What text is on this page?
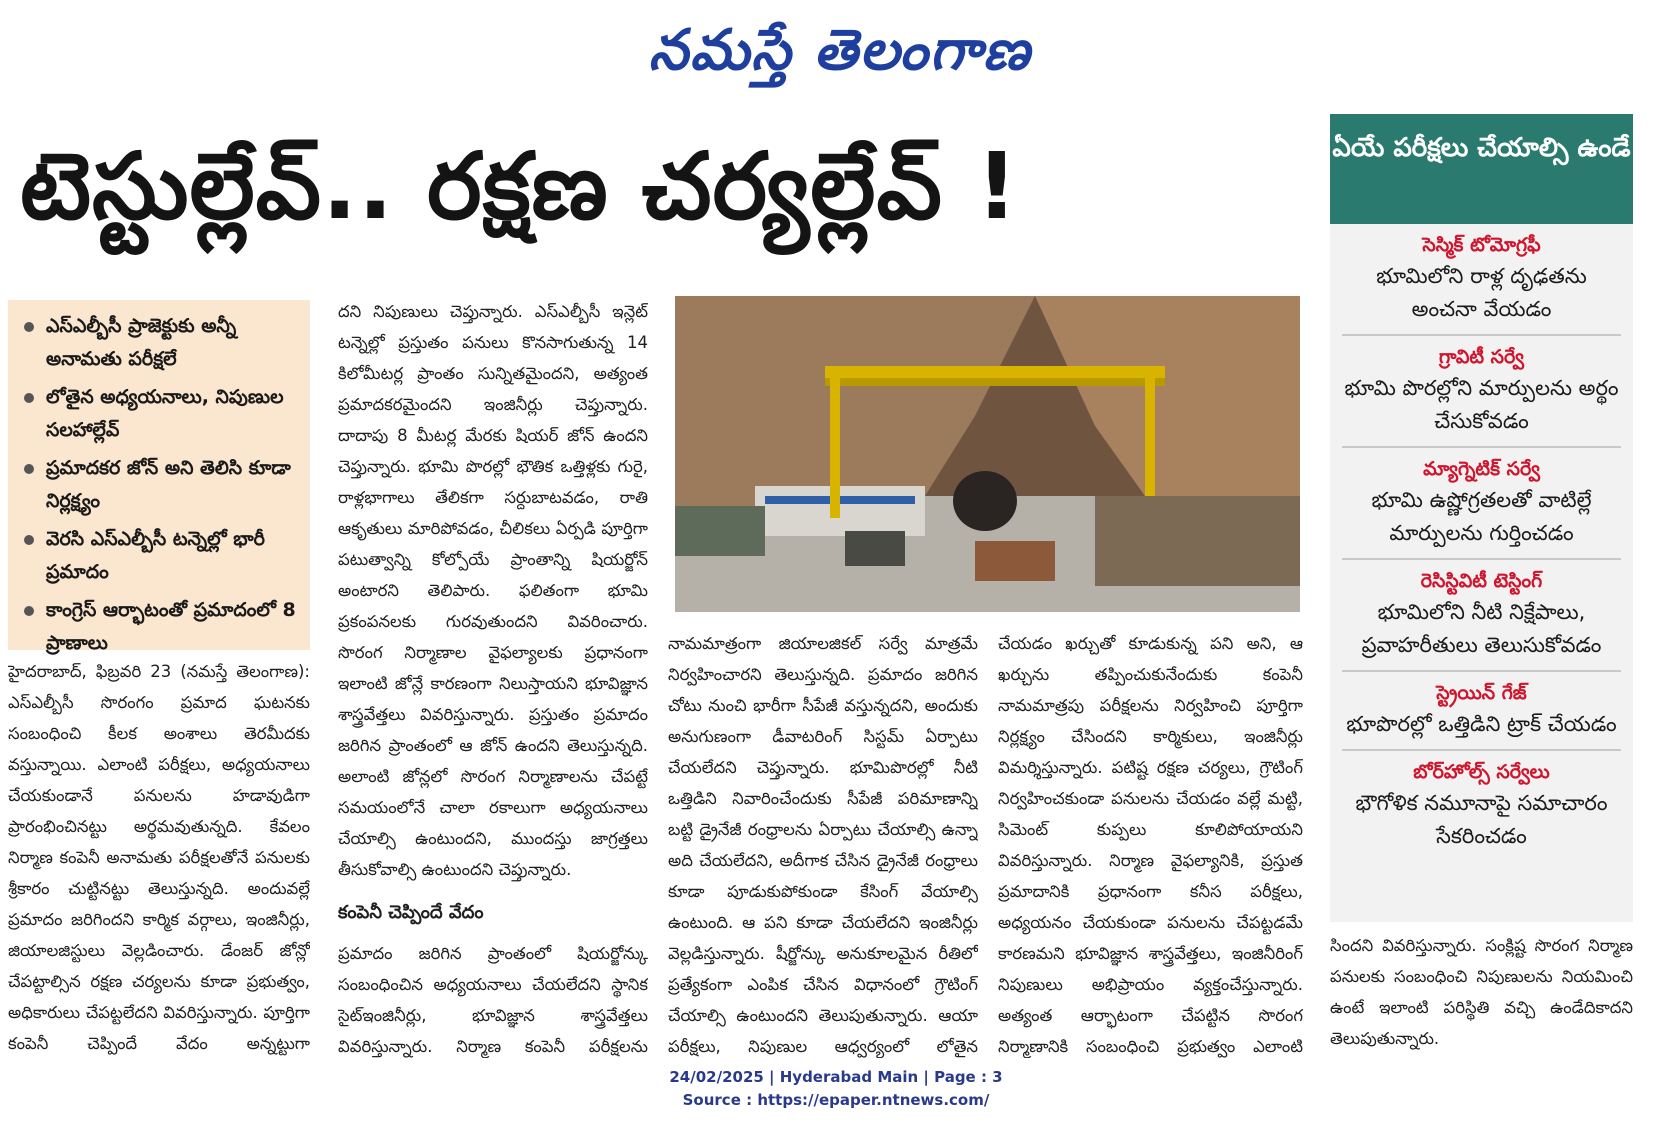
నమస్తే తెలంగాణ
టెస్టుల్లేవ్.. రక్షణ చర్యల్లేవ్ !
ఎస్ఎల్బీసీ ప్రాజెక్టుకు అన్నీ అనామతు పరీక్షలే
లోతైన అధ్యయనాలు, నిపుణుల సలహాల్లేవ్
ప్రమాదకర జోన్ అని తెలిసి కూడా నిర్లక్ష్యం
వెరసి ఎస్ఎల్బీసీ టన్నెల్లో భారీ ప్రమాదం
కాంగ్రెస్ ఆర్భాటంతో ప్రమాదంలో 8 ప్రాణాలు

హైదరాబాద్, ఫిబ్రవరి 23 (నమస్తే తెలంగాణ): ఎస్ఎల్బీసీ సొరంగం ప్రమాద ఘటనకు సంబంధించి కీలక అంశాలు తెరమీదకు వస్తున్నాయి. ఎలాంటి పరీక్షలు, అధ్యయనాలు చేయకుండానే పనులను హడావుడిగా ప్రారంభించినట్టు అర్థమవుతున్నది. కేవలం నిర్మాణ కంపెనీ అనామతు పరీక్షలతోనే పనులకు శ్రీకారం చుట్టినట్టు తెలుస్తున్నది. అందువల్లే ప్రమాదం జరిగిందని కార్మిక వర్గాలు, ఇంజినీర్లు, జియాలజిస్టులు వెల్లడించారు. డేంజర్ జోన్లో చేపట్టాల్సిన రక్షణ చర్యలను కూడా ప్రభుత్వం, అధికారులు చేపట్టలేదని వివరిస్తున్నారు. పూర్తిగా కంపెనీ చెప్పిందే వేదం అన్నట్టుగా

దని నిపుణులు చెప్తున్నారు. ఎస్ఎల్బీసీ ఇన్లెట్ టన్నెల్లో ప్రస్తుతం పనులు కొనసాగుతున్న 14 కిలోమీటర్ల ప్రాంతం సున్నితమైందని, అత్యంత ప్రమాదకరమైందని ఇంజినీర్లు చెప్తున్నారు. దాదాపు 8 మీటర్ల మేరకు షియర్ జోన్ ఉందని చెప్తున్నారు. భూమి పొరల్లో భౌతిక ఒత్తిళ్లకు గురై, రాళ్లభాగాలు తేలికగా సర్దుబాటవడం, రాతి ఆకృతులు మారిపోవడం, చీలికలు ఏర్పడి పూర్తిగా పటుత్వాన్ని కోల్పోయే ప్రాంతాన్ని షియర్జోన్ అంటారని తెలిపారు. ఫలితంగా భూమి ప్రకంపనలకు గురవుతుందని వివరించారు. సొరంగ నిర్మాణాల వైఫల్యాలకు ప్రధానంగా ఇలాంటి జోన్లే కారణంగా నిలుస్తాయని భూవిజ్ఞాన శాస్త్రవేత్తలు వివరిస్తున్నారు. ప్రస్తుతం ప్రమాదం జరిగిన ప్రాంతంలో ఆ జోన్ ఉందని తెలుస్తున్నది. అలాంటి జోన్లలో సొరంగ నిర్మాణాలను చేపట్టే సమయంలోనే చాలా రకాలుగా అధ్యయనాలు చేయాల్సి ఉంటుందని, ముందస్తు జాగ్రత్తలు తీసుకోవాల్సి ఉంటుందని చెప్తున్నారు.

కంపెనీ చెప్పిందే వేదం

ప్రమాదం జరిగిన ప్రాంతంలో షియర్జోన్కు సంబంధించిన అధ్యయనాలు చేయలేదని స్థానిక సైట్ఇంజినీర్లు, భూవిజ్ఞాన శాస్త్రవేత్తలు వివరిస్తున్నారు. నిర్మాణ కంపెనీ పరీక్షలను

నామమాత్రంగా జియాలజికల్ సర్వే మాత్రమే నిర్వహించారని తెలుస్తున్నది. ప్రమాదం జరిగిన చోటు నుంచి భారీగా సీపేజీ వస్తున్నదని, అందుకు అనుగుణంగా డీవాటరింగ్ సిస్టమ్ ఏర్పాటు చేయలేదని చెప్తున్నారు. భూమిపొరల్లో నీటి ఒత్తిడిని నివారించేందుకు సీపేజీ పరిమాణాన్ని బట్టి డ్రైనేజీ రంధ్రాలను ఏర్పాటు చేయాల్సి ఉన్నా అది చేయలేదని, అదీగాక చేసిన డ్రైనేజీ రంధ్రాలు కూడా పూడుకుపోకుండా కేసింగ్ వేయాల్సి ఉంటుంది. ఆ పని కూడా చేయలేదని ఇంజినీర్లు వెల్లడిస్తున్నారు. షీర్జోన్కు అనుకూలమైన రీతిలో ప్రత్యేకంగా ఎంపిక చేసిన విధానంలో గ్రౌటింగ్ చేయాల్సి ఉంటుందని తెలుపుతున్నారు. ఆయా పరీక్షలు, నిపుణుల ఆధ్వర్యంలో లోతైన

చేయడం ఖర్చుతో కూడుకున్న పని అని, ఆ ఖర్చును తప్పించుకునేందుకు కంపెనీ నామమాత్రపు పరీక్షలను నిర్వహించి పూర్తిగా నిర్లక్ష్యం చేసిందని కార్మికులు, ఇంజినీర్లు విమర్శిస్తున్నారు. పటిష్ట రక్షణ చర్యలు, గ్రౌటింగ్ నిర్వహించకుండా పనులను చేయడం వల్లే మట్టి, సిమెంట్ కుప్పలు కూలిపోయాయని వివరిస్తున్నారు. నిర్మాణ వైఫల్యానికి, ప్రస్తుత ప్రమాదానికి ప్రధానంగా కనీస పరీక్షలు, అధ్యయనం చేయకుండా పనులను చేపట్టడమే కారణమని భూవిజ్ఞాన శాస్త్రవేత్తలు, ఇంజినీరింగ్ నిపుణులు అభిప్రాయం వ్యక్తంచేస్తున్నారు. అత్యంత ఆర్భాటంగా చేపట్టిన సొరంగ నిర్మాణానికి సంబంధించి ప్రభుత్వం ఎలాంటి

ఏయే పరీక్షలు చేయాల్సి ఉండే
సెస్మిక్ టోమోగ్రఫీ
భూమిలోని రాళ్ల దృఢతను అంచనా వేయడం
గ్రావిటీ సర్వే
భూమి పొరల్లోని మార్పులను అర్థం చేసుకోవడం
మ్యాగ్నెటిక్ సర్వే
భూమి ఉష్ణోగ్రతలతో వాటిల్లే మార్పులను గుర్తించడం
రెసిస్టివిటీ టెస్టింగ్
భూమిలోని నీటి నిక్షేపాలు, ప్రవాహరీతులు తెలుసుకోవడం
స్ట్రెయిన్ గేజ్
భూపొరల్లో ఒత్తిడిని ట్రాక్ చేయడం
బోర్‌హోల్స్ సర్వేలు
భౌగోళిక నమూనాపై సమాచారం సేకరించడం

సిందని వివరిస్తున్నారు. సంక్లిష్ట సొరంగ నిర్మాణ పనులకు సంబంధించి నిపుణులను నియమించి ఉంటే ఇలాంటి పరిస్థితి వచ్చి ఉండేదికాదని తెలుపుతున్నారు.

24/02/2025 | Hyderabad Main | Page : 3
Source : https://epaper.ntnews.com/
